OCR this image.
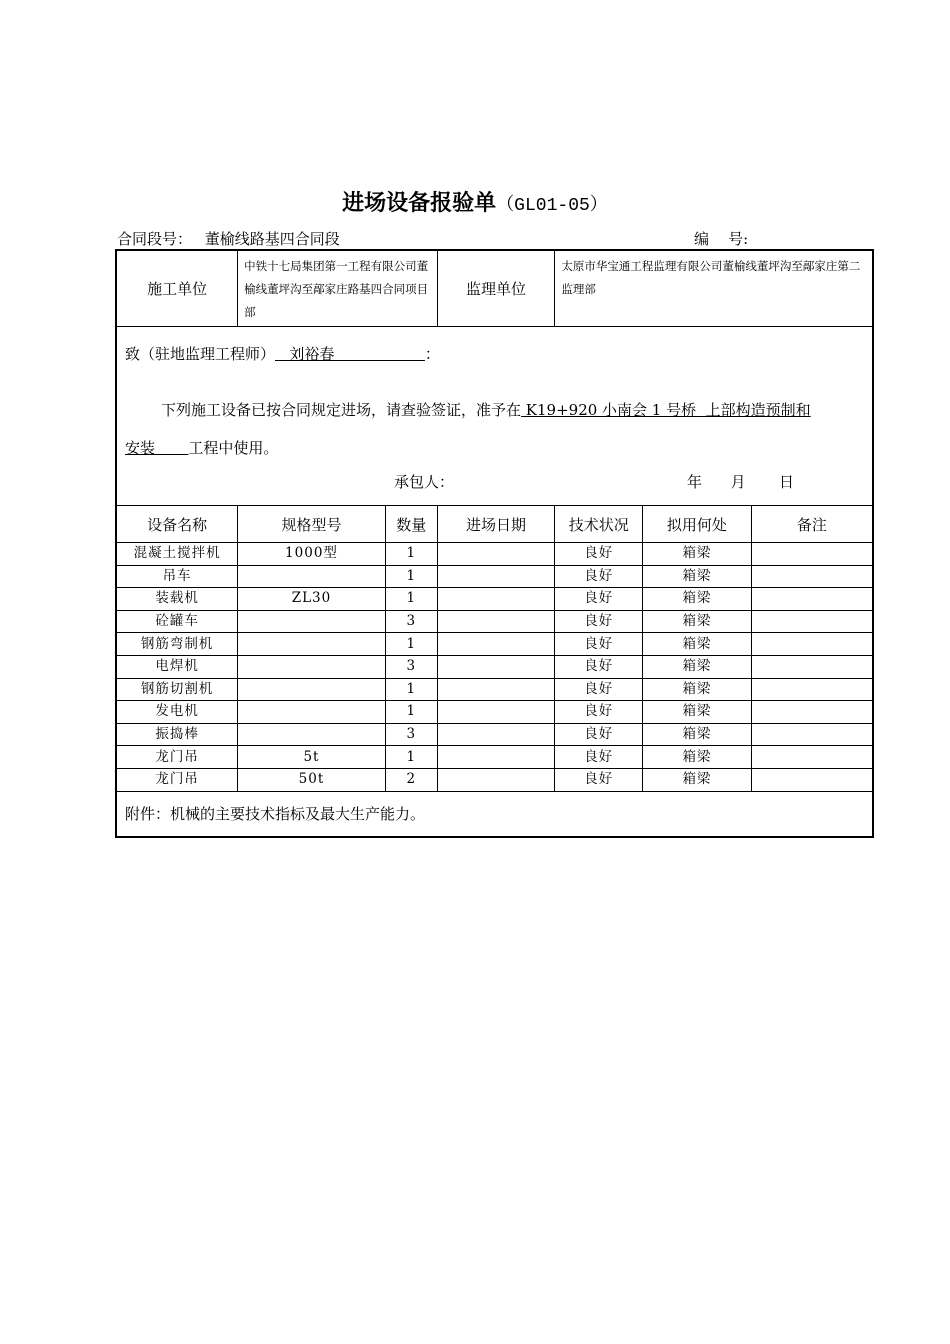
进场设备报验单（GL01-05）
合同段号： 董榆线路基四合同段	编    号:
施工单位	中铁十七局集团第一工程有限公司董榆线董坪沟至鄗家庄路基四合同项目部		监理单位	太原市华宝通工程监理有限公司董榆线董坪沟至鄗家庄第二监理部		

致（驻地监理工程师）   刘裕春                   ：
下列施工设备已按合同规定进场，请查验签证，准予在 K19+920 小南会 1 号桥  上部构造预制和
安装       工程中使用。
承包人： 年      月       日						

设备名称	规格型号	数量	进场日期	技术状况	拟用何处	备注
混凝土搅拌机	1000型	1		良好	箱梁	
吊车		1		良好	箱梁	
装载机	ZL30	1		良好	箱梁	
砼罐车		3		良好	箱梁	
钢筋弯制机		1		良好	箱梁	
电焊机		3		良好	箱梁	
钢筋切割机		1		良好	箱梁	
发电机		1		良好	箱梁	
振捣棒		3		良好	箱梁	
龙门吊	5t	1		良好	箱梁	
龙门吊	50t	2		良好	箱梁	
附件：机械的主要技术指标及最大生产能力。						
